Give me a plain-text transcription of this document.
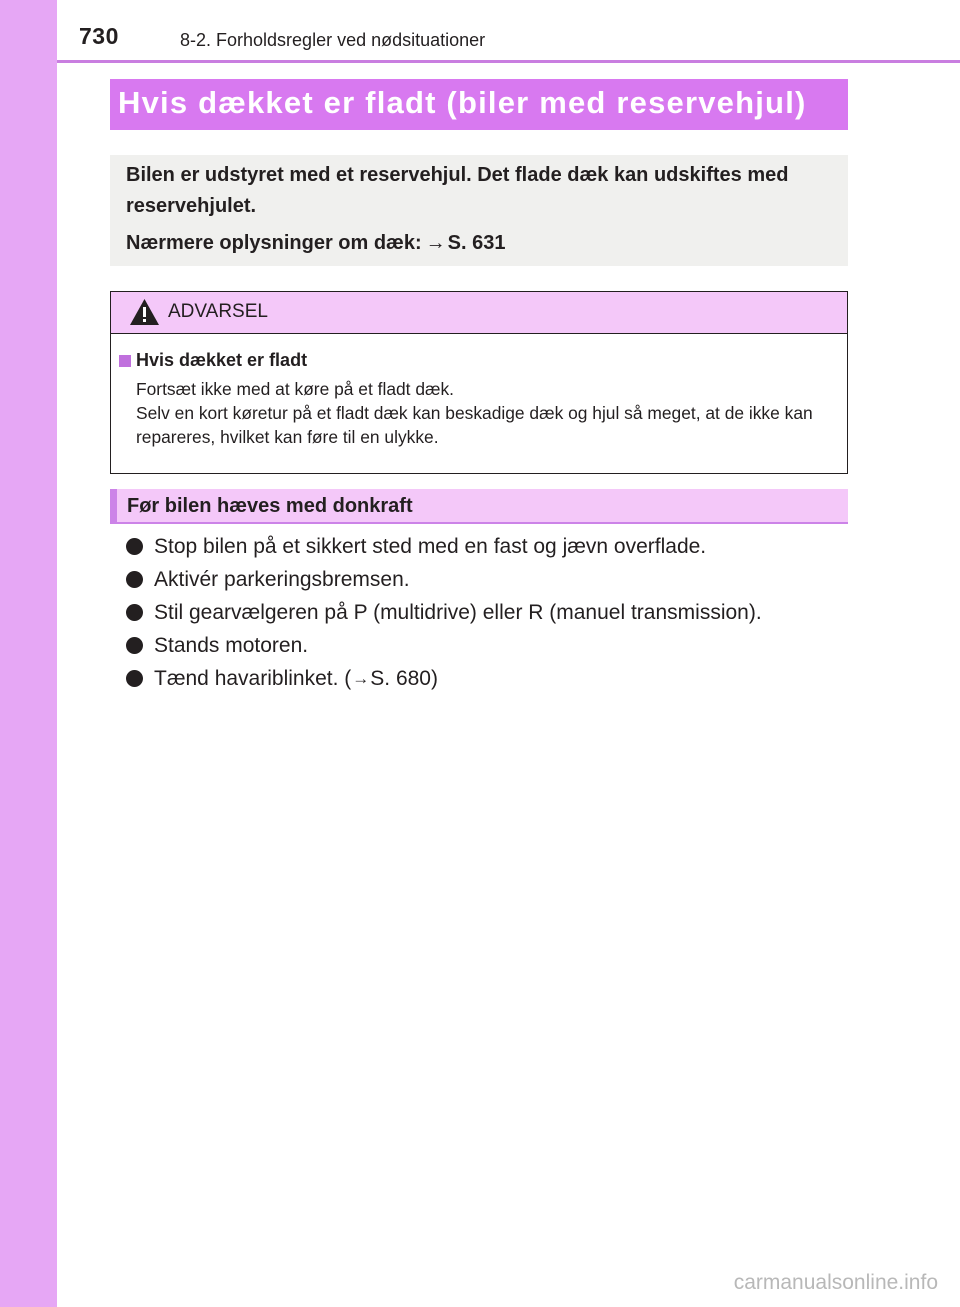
730	8-2. Forholdsregler ved nødsituationer
Hvis dækket er fladt (biler med reservehjul)
Bilen er udstyret med et reservehjul. Det flade dæk kan udskiftes med reservehjulet.
Nærmere oplysninger om dæk: → S. 631
ADVARSEL
Hvis dækket er fladt
Fortsæt ikke med at køre på et fladt dæk.
Selv en kort køretur på et fladt dæk kan beskadige dæk og hjul så meget, at de ikke kan repareres, hvilket kan føre til en ulykke.
Før bilen hæves med donkraft
Stop bilen på et sikkert sted med en fast og jævn overflade.
Aktivér parkeringsbremsen.
Stil gearvælgeren på P (multidrive) eller R (manuel transmission).
Stands motoren.
Tænd havariblinket. ( → S. 680)
carmanualsonline.info
